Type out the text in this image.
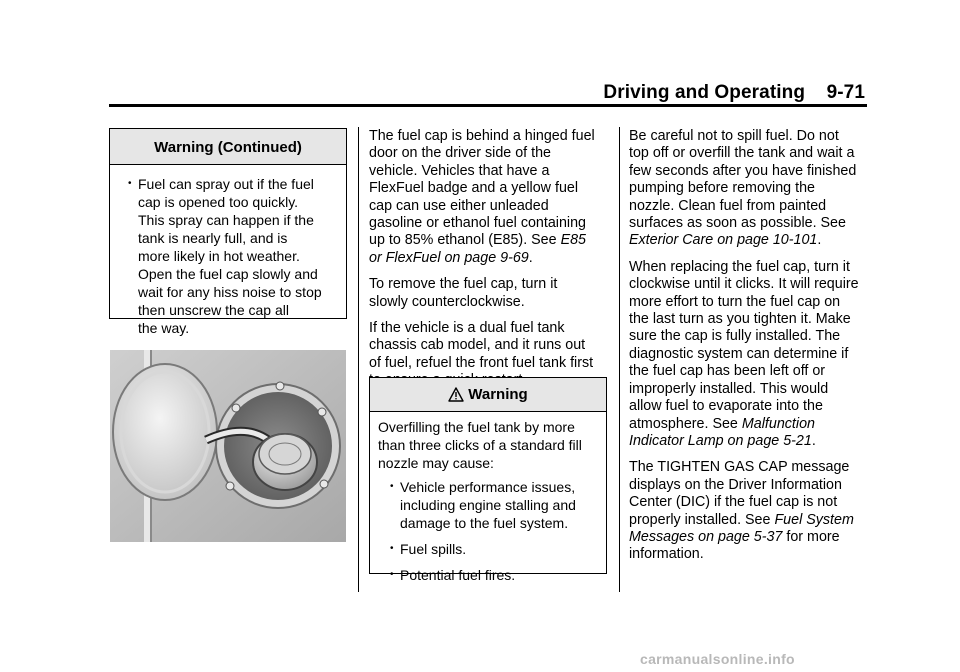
Driving and Operating 9-71
Warning (Continued)
• Fuel can spray out if the fuel
cap is opened too quickly.
This spray can happen if the
tank is nearly full, and is
more likely in hot weather.
Open the fuel cap slowly and
wait for any hiss noise to stop
then unscrew the cap all
the way.

The fuel cap is behind a hinged fuel
door on the driver side of the
vehicle. Vehicles that have a
FlexFuel badge and a yellow fuel
cap can use either unleaded
gasoline or ethanol fuel containing
up to 85% ethanol (E85). See E85
or FlexFuel on page 9-69.

To remove the fuel cap, turn it
slowly counterclockwise.

If the vehicle is a dual fuel tank
chassis cab model, and it runs out
of fuel, refuel the front fuel tank first

Warning
Overfilling the fuel tank by more
than three clicks of a standard fill
nozzle may cause:
• Vehicle performance issues,
including engine stalling and
damage to the fuel system.
• Fuel spills.
• Potential fuel fires.

Be careful not to spill fuel. Do not
top off or overfill the tank and wait a
few seconds after you have finished
pumping before removing the
nozzle. Clean fuel from painted
surfaces as soon as possible. See
Exterior Care on page 10-101.

When replacing the fuel cap, turn it
clockwise until it clicks. It will require
more effort to turn the fuel cap on
the last turn as you tighten it. Make
sure the cap is fully installed. The
diagnostic system can determine if
the fuel cap has been left off or
improperly installed. This would
allow fuel to evaporate into the
atmosphere. See Malfunction
Indicator Lamp on page 5-21.

The TIGHTEN GAS CAP message
displays on the Driver Information
Center (DIC) if the fuel cap is not
properly installed. See Fuel System
Messages on page 5-37 for more
information.

carmanualsonline.info
